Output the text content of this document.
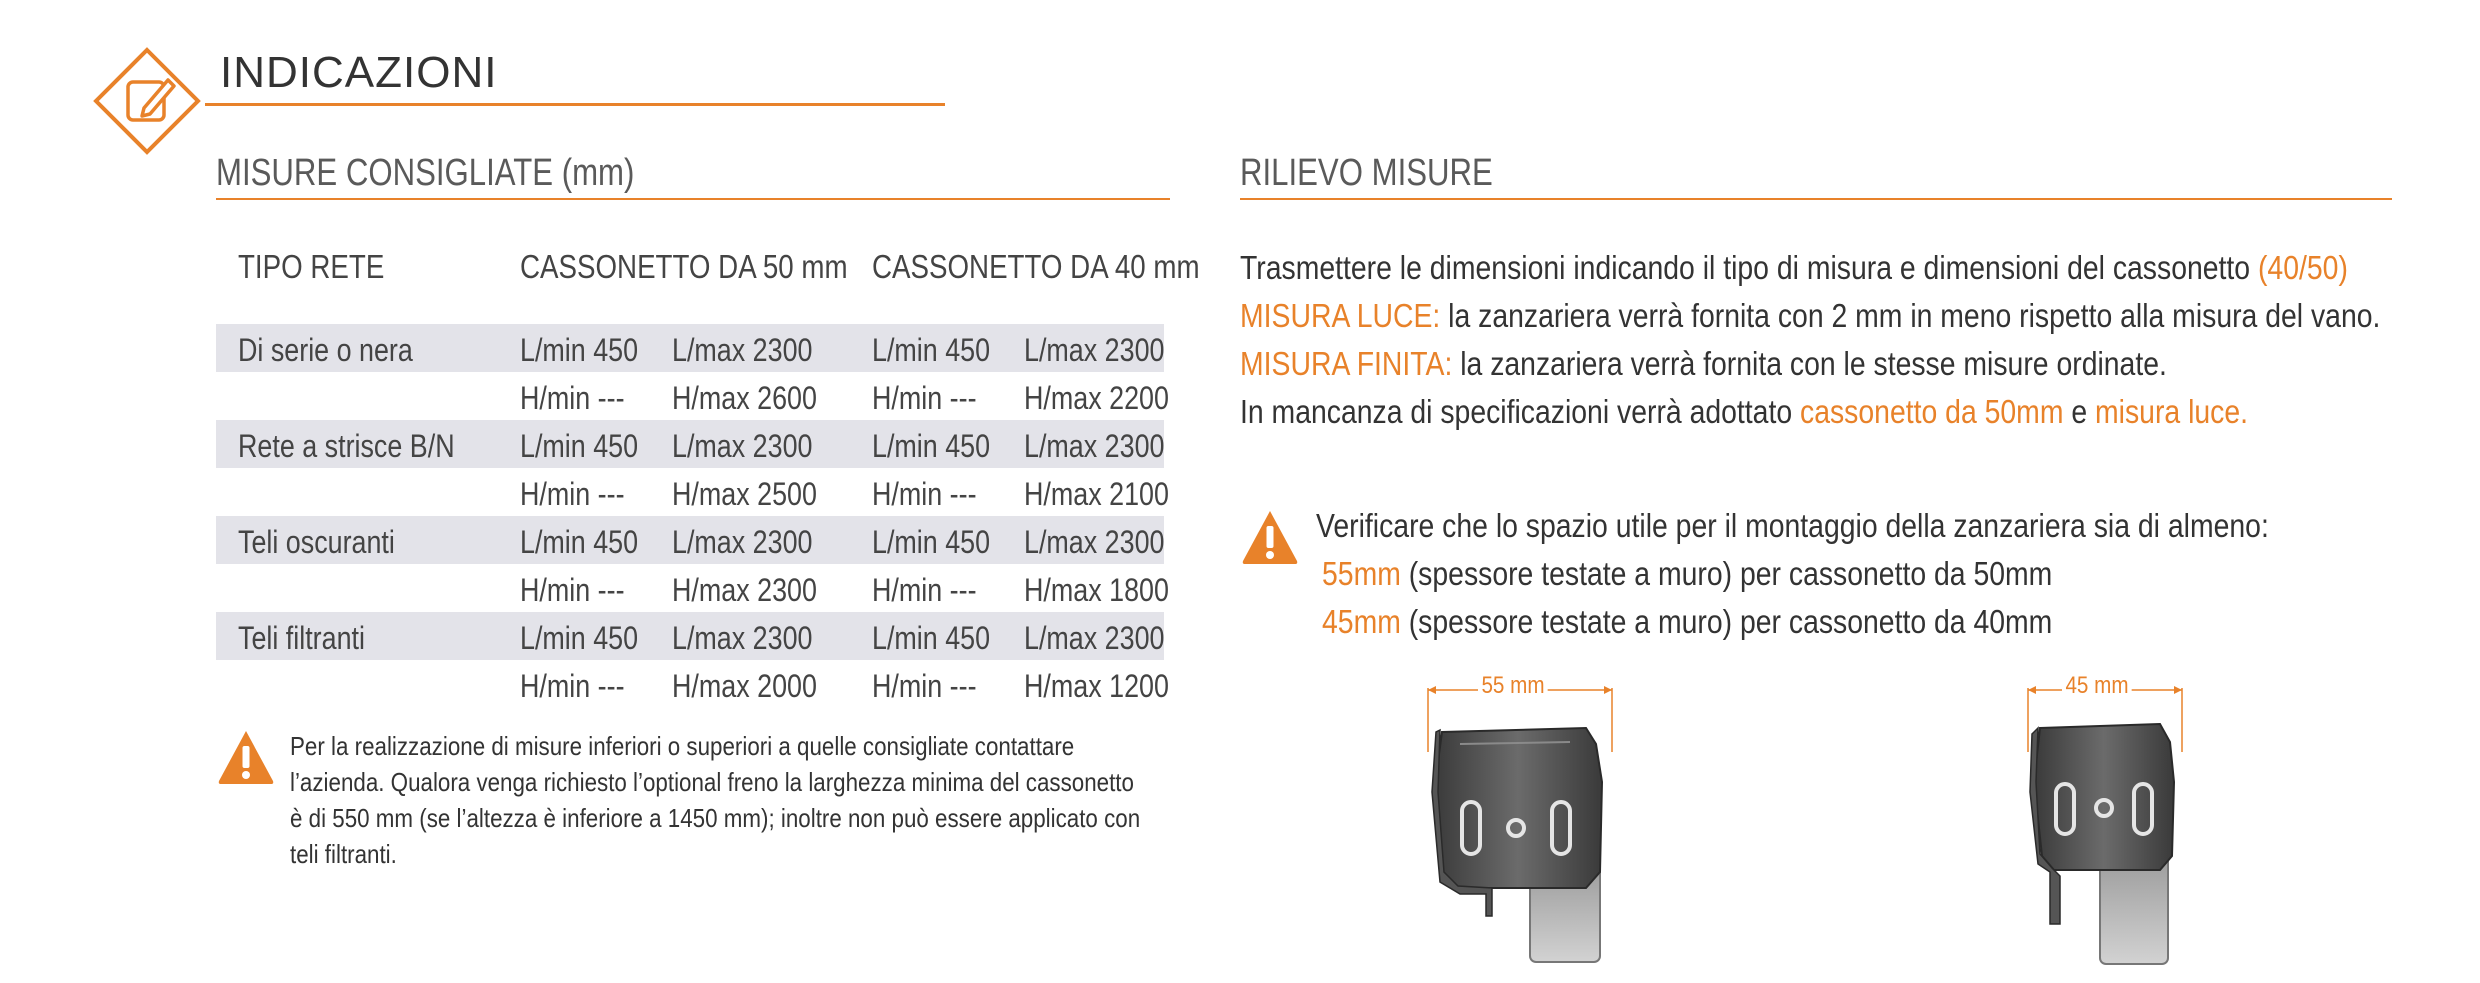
INDICAZIONI
MISURE CONSIGLIATE (mm)
TIPO RETE	CASSONETTO DA 50 mm CASSONETTO DA 40 mm
Di serie o nera	L/min 450 L/max 2300 L/min 450 L/max 2300
H/min --- H/max 2600 H/min --- H/max 2200
Rete a strisce B/N L/min 450 L/max 2300 L/min 450 L/max 2300
H/min --- H/max 2500 H/min --- H/max 2100
Teli oscuranti	L/min 450 L/max 2300 L/min 450 L/max 2300
H/min --- H/max 2300 H/min --- H/max 1800
Teli filtranti	L/min 450 L/max 2300 L/min 450 L/max 2300
H/min --- H/max 2000 H/min --- H/max 1200
Per la realizzazione di misure inferiori o superiori a quelle consigliate contattare
l’azienda. Qualora venga richiesto l’optional freno la larghezza minima del cassonetto
è di 550 mm (se l’altezza è inferiore a 1450 mm); inoltre non può essere applicato con
teli filtranti.
RILIEVO MISURE
Trasmettere le dimensioni indicando il tipo di misura e dimensioni del cassonetto (40/50)
MISURA LUCE: la zanzariera verrà fornita con 2 mm in meno rispetto alla misura del vano.
MISURA FINITA: la zanzariera verrà fornita con le stesse misure ordinate.
In mancanza di specificazioni verrà adottato cassonetto da 50mm e misura luce.
Verificare che lo spazio utile per il montaggio della zanzariera sia di almeno:
55mm (spessore testate a muro) per cassonetto da 50mm
45mm (spessore testate a muro) per cassonetto da 40mm
55 mm	45 mm
